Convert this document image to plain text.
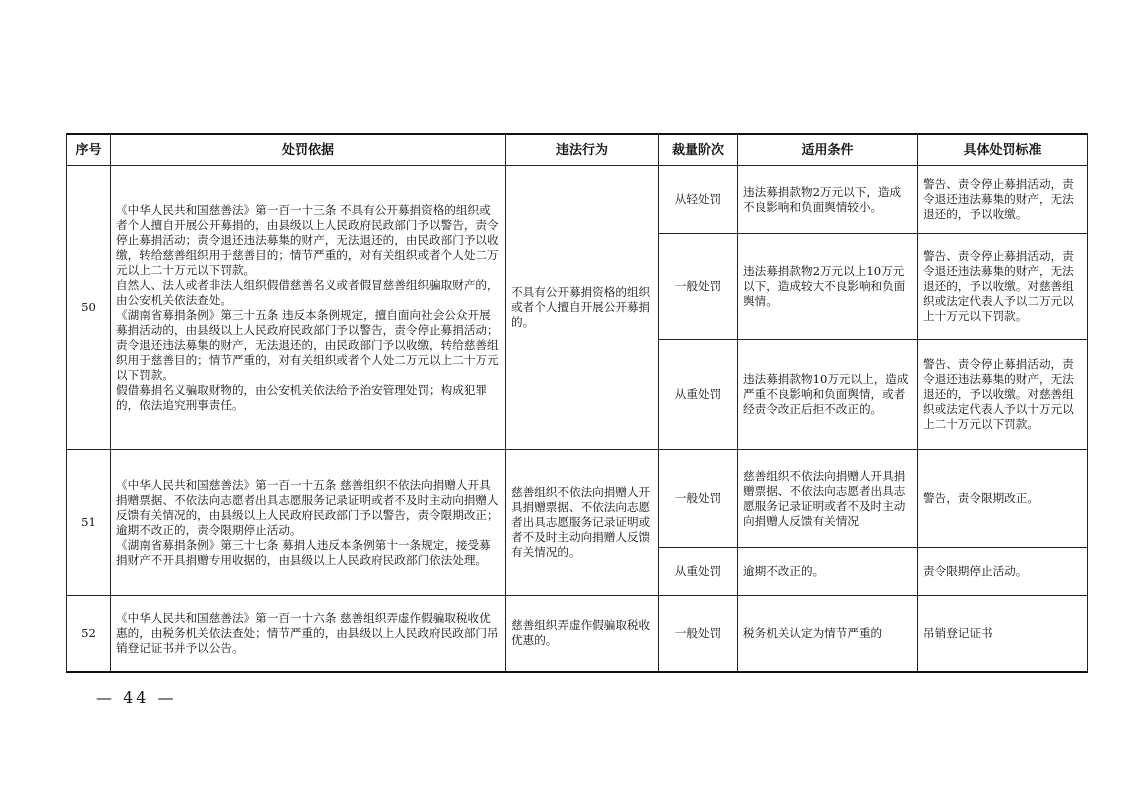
序号	处罚依据	违法行为	裁量阶次	适用条件	具体处罚标准
50	《中华人民共和国慈善法》第一百一十三条 不具有公开募捐资格的组织或者个人擅自开展公开募捐的，由县级以上人民政府民政部门予以警告，责令停止募捐活动；责令退还违法募集的财产，无法退还的，由民政部门予以收缴，转给慈善组织用于慈善目的；情节严重的，对有关组织或者个人处二万元以上二十万元以下罚款。
自然人、法人或者非法人组织假借慈善名义或者假冒慈善组织骗取财产的，由公安机关依法查处。
《湖南省募捐条例》第三十五条 违反本条例规定，擅自面向社会公众开展募捐活动的，由县级以上人民政府民政部门予以警告，责令停止募捐活动；责令退还违法募集的财产，无法退还的，由民政部门予以收缴，转给慈善组织用于慈善目的；情节严重的，对有关组织或者个人处二万元以上二十万元以下罚款。
假借募捐名义骗取财物的，由公安机关依法给予治安管理处罚；构成犯罪的，依法追究刑事责任。	不具有公开募捐资格的组织或者个人擅自开展公开募捐的。	从轻处罚	违法募捐款物2万元以下，造成不良影响和负面舆情较小。	警告、责令停止募捐活动，责令退还违法募集的财产，无法退还的，予以收缴。
			一般处罚	违法募捐款物2万元以上10万元以下，造成较大不良影响和负面舆情。	警告、责令停止募捐活动，责令退还违法募集的财产，无法退还的，予以收缴。对慈善组织或法定代表人予以二万元以上十万元以下罚款。
			从重处罚	违法募捐款物10万元以上，造成严重不良影响和负面舆情，或者经责令改正后拒不改正的。	警告、责令停止募捐活动，责令退还违法募集的财产，无法退还的，予以收缴。对慈善组织或法定代表人予以十万元以上二十万元以下罚款。
51	《中华人民共和国慈善法》第一百一十五条 慈善组织不依法向捐赠人开具捐赠票据、不依法向志愿者出具志愿服务记录证明或者不及时主动向捐赠人反馈有关情况的，由县级以上人民政府民政部门予以警告，责令限期改正；逾期不改正的，责令限期停止活动。
《湖南省募捐条例》第三十七条 募捐人违反本条例第十一条规定，接受募捐财产不开具捐赠专用收据的，由县级以上人民政府民政部门依法处理。	慈善组织不依法向捐赠人开具捐赠票据、不依法向志愿者出具志愿服务记录证明或者不及时主动向捐赠人反馈有关情况的。	一般处罚	慈善组织不依法向捐赠人开具捐赠票据、不依法向志愿者出具志愿服务记录证明或者不及时主动向捐赠人反馈有关情况	警告，责令限期改正。
			从重处罚	逾期不改正的。	责令限期停止活动。
52	《中华人民共和国慈善法》第一百一十六条 慈善组织弄虚作假骗取税收优惠的，由税务机关依法查处；情节严重的，由县级以上人民政府民政部门吊销登记证书并予以公告。	慈善组织弄虚作假骗取税收优惠的。	一般处罚	税务机关认定为情节严重的	吊销登记证书
— 44 —
